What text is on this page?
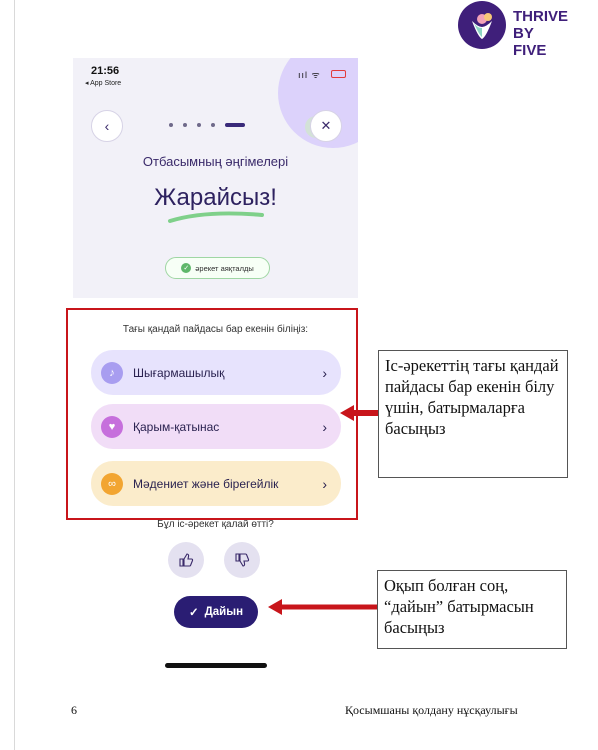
THRIVE
BY FIVE
21:56
◂ App Store
ııl ᯤ
‹	✕
Отбасымның әңгімелері
Жарайсыз!
✓ әрекет аяқталды
Тағы қандай пайдасы бар екенін біліңіз:
♪	Шығармашылық	›
♥	Қарым-қатынас	›
∞	Мәдениет және бірегейлік	›
Бұл іс-әрекет қалай өтті?
✓ Дайын
Іс-әрекеттің тағы қандай пайдасы бар екенін білу үшін, батырмаларға басыңыз
Оқып болған соң, “дайын” батырмасын басыңыз
6	Қосымшаны қолдану нұсқаулығы
